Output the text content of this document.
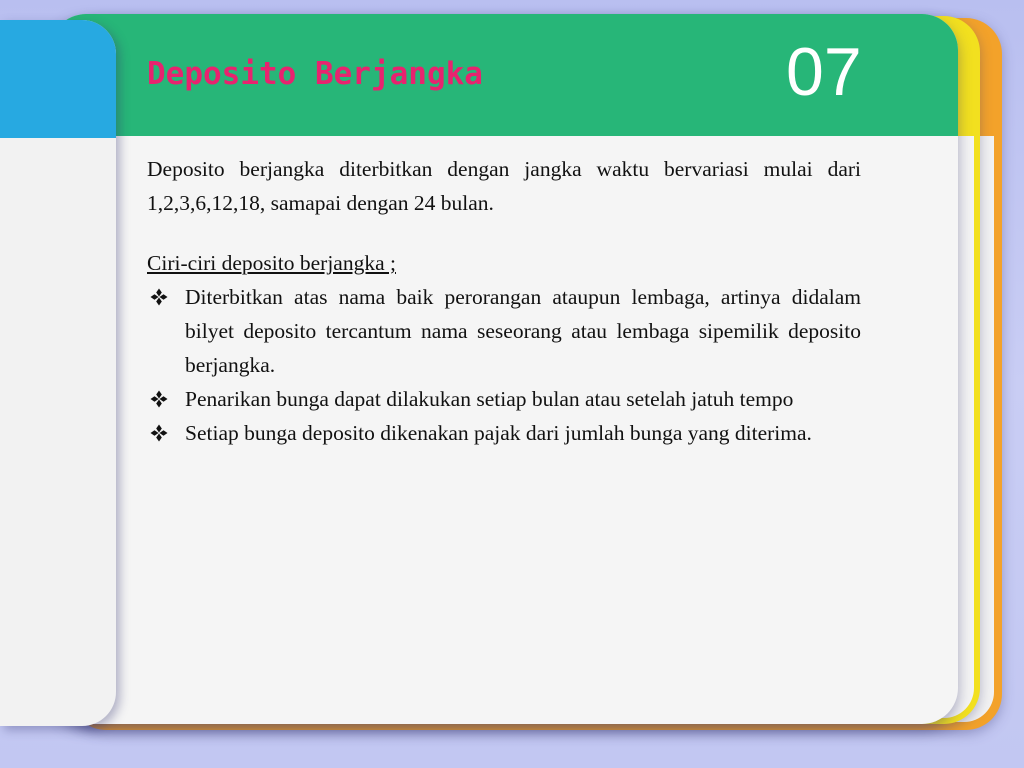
Deposito Berjangka	07

Deposito berjangka diterbitkan dengan jangka waktu bervariasi mulai dari 1,2,3,6,12,18, samapai dengan 24 bulan.

Ciri-ciri deposito berjangka ;

Diterbitkan atas nama baik perorangan ataupun lembaga, artinya didalam bilyet deposito tercantum nama seseorang atau lembaga sipemilik deposito berjangka.
Penarikan bunga dapat dilakukan setiap bulan atau setelah jatuh tempo
Setiap bunga deposito dikenakan pajak dari jumlah bunga yang diterima.
